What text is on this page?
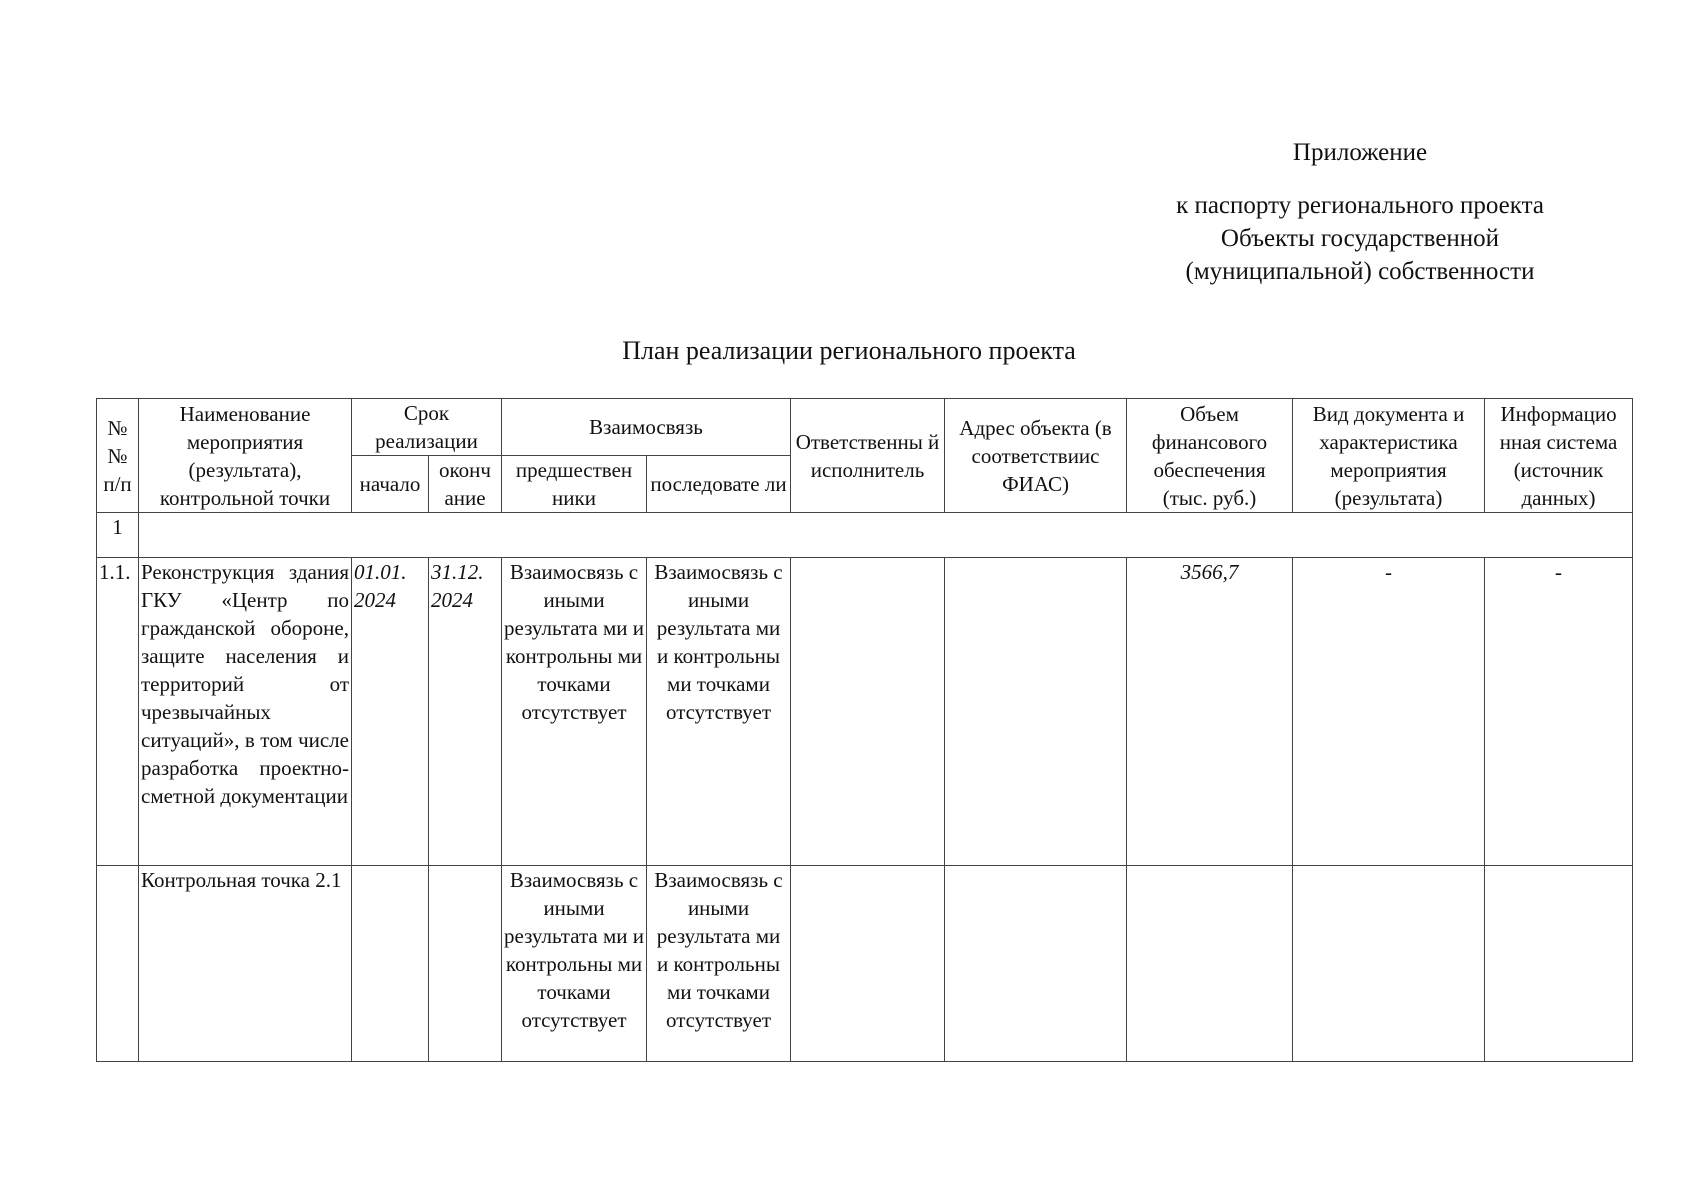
Приложение
к паспорту регионального проекта
Объекты государственной
(муниципальной) собственности
План реализации регионального проекта
№ № п/п	Наименование мероприятия (результата), контрольной точки	Срок реализации		Взаимосвязь		Ответственны й исполнитель	Адрес объекта (в соответствиис ФИАС)	Объем финансового обеспечения (тыс. руб.)	Вид документа и характеристика мероприятия (результата)	Информацио нная система (источник данных)
		начало	оконч ание	предшествен ники	последовате ли					
1										
1.1.	Реконструкция здания ГКУ «Центр по гражданской обороне, защите населения и территорий от чрезвычайных ситуаций», в том числе разработка проектно-сметной документации	01.01. 2024	31.12. 2024	Взаимосвязь с иными результата ми и контрольны ми точками отсутствует	Взаимосвязь с иными результата ми и контрольны ми точками отсутствует			3566,7	-	-
	Контрольная точка 2.1			Взаимосвязь с иными результата ми и контрольны ми точками отсутствует	Взаимосвязь с иными результата ми и контрольны ми точками отсутствует					
